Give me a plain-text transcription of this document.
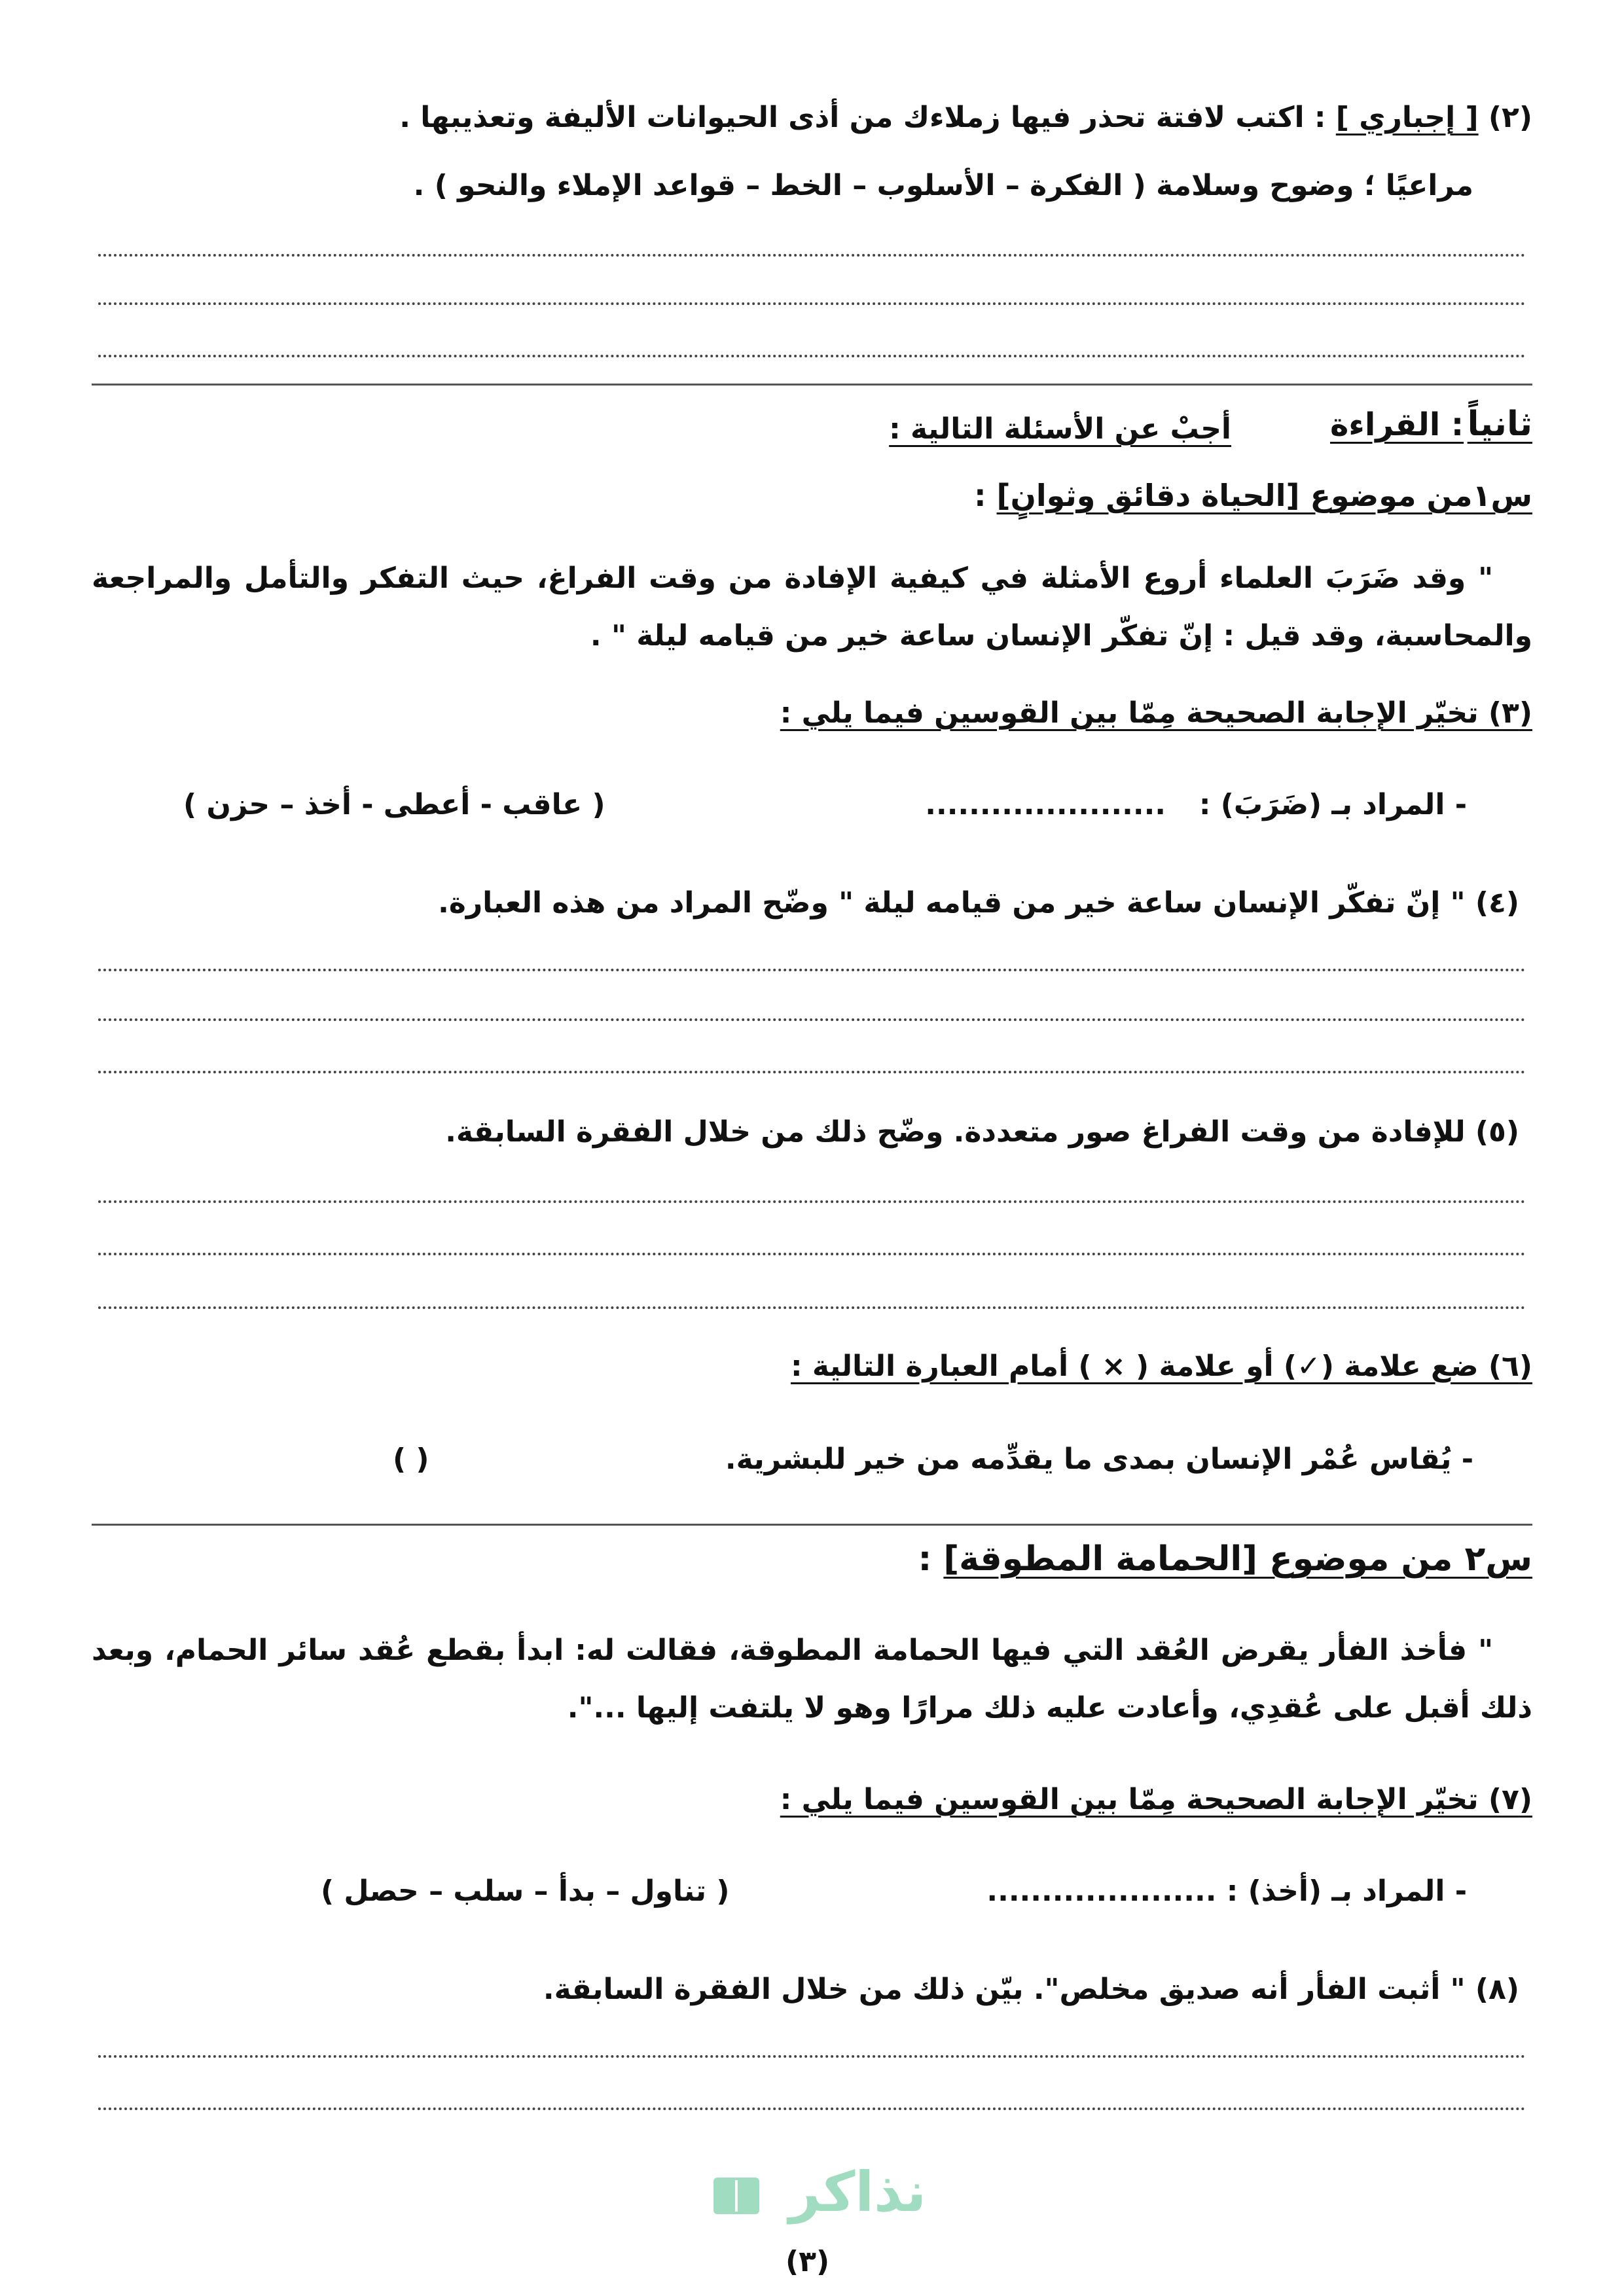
(٢) [ إجباري ] : اكتب لافتة تحذر فيها زملاءك من أذى الحيوانات الأليفة وتعذيبها .
مراعيًا ؛ وضوح وسلامة ( الفكرة – الأسلوب – الخط – قواعد الإملاء والنحو ) .
ثانياً : القراءة
أجبْ عن الأسئلة التالية :
س١من موضوع [الحياة دقائق وثوانٍ] :
" وقد ضَرَبَ العلماء أروع الأمثلة في كيفية الإفادة من وقت الفراغ، حيث التفكر والتأمل والمراجعة والمحاسبة، وقد قيل : إنّ تفكّر الإنسان ساعة خير من قيامه ليلة " .
(٣) تخيّر الإجابة الصحيحة مِمّا بين القوسين فيما يلي :
- المراد بـ (ضَرَبَ) :
......................
( عاقب - أعطى - أخذ – حزن )
(٤) " إنّ تفكّر الإنسان ساعة خير من قيامه ليلة " وضّح المراد من هذه العبارة.
(٥) للإفادة من وقت الفراغ صور متعددة. وضّح ذلك من خلال الفقرة السابقة.
(٦) ضع علامة (✓) أو علامة ( × ) أمام العبارة التالية :
- يُقاس عُمْر الإنسان بمدى ما يقدِّمه من خير للبشرية.
( )
س٢ من موضوع [الحمامة المطوقة] :
" فأخذ الفأر يقرض العُقد التي فيها الحمامة المطوقة، فقالت له: ابدأ بقطع عُقد سائر الحمام، وبعد ذلك أقبل على عُقدِي، وأعادت عليه ذلك مرارًا وهو لا يلتفت إليها ...".
(٧) تخيّر الإجابة الصحيحة مِمّا بين القوسين فيما يلي :
- المراد بـ (أخذ) : .....................
( تناول – بدأ – سلب – حصل )
(٨) " أثبت الفأر أنه صديق مخلص". بيّن ذلك من خلال الفقرة السابقة.
نذاكر
(٣)
